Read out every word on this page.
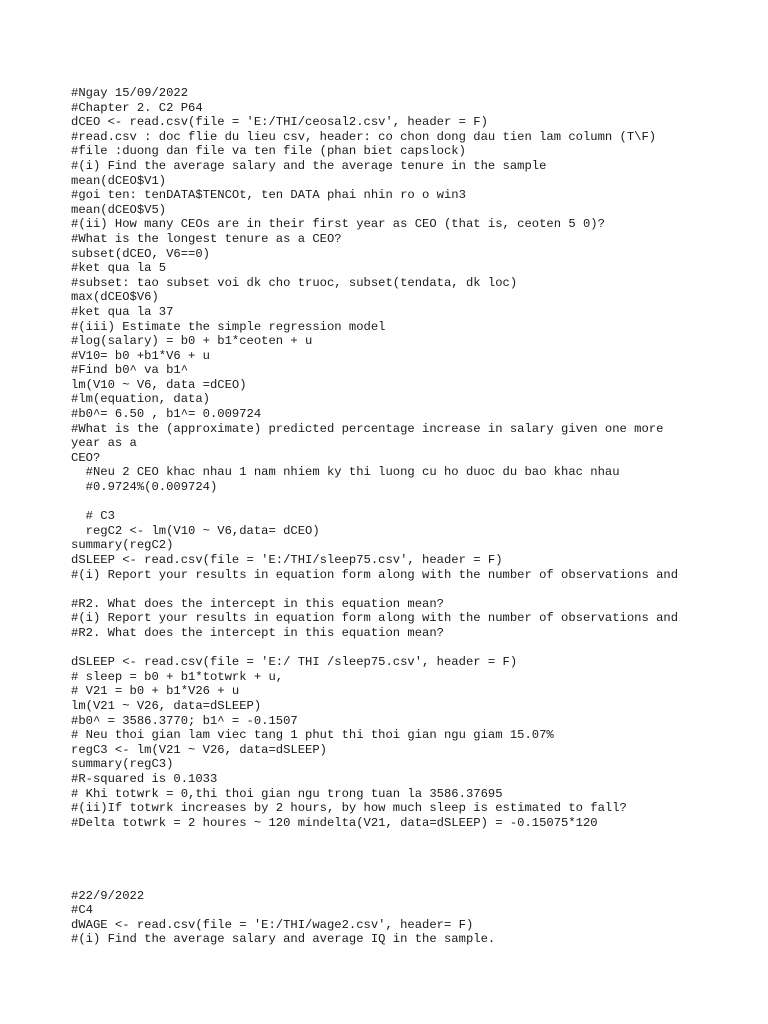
#Ngay 15/09/2022
#Chapter 2. C2 P64
dCEO <- read.csv(file = 'E:/THI/ceosal2.csv', header = F)
#read.csv : doc flie du lieu csv, header: co chon dong dau tien lam column (T\F)
#file :duong dan file va ten file (phan biet capslock)
#(i) Find the average salary and the average tenure in the sample
mean(dCEO$V1)
#goi ten: tenDATA$TENCOt, ten DATA phai nhin ro o win3
mean(dCEO$V5)
#(ii) How many CEOs are in their first year as CEO (that is, ceoten 5 0)?
#What is the longest tenure as a CEO?
subset(dCEO, V6==0)
#ket qua la 5
#subset: tao subset voi dk cho truoc, subset(tendata, dk loc)
max(dCEO$V6)
#ket qua la 37
#(iii) Estimate the simple regression model
#log(salary) = b0 + b1*ceoten + u
#V10= b0 +b1*V6 + u
#Find b0^ va b1^
lm(V10 ~ V6, data =dCEO)
#lm(equation, data)
#b0^= 6.50 , b1^= 0.009724
#What is the (approximate) predicted percentage increase in salary given one more
year as a
CEO?
#Neu 2 CEO khac nhau 1 nam nhiem ky thi luong cu ho duoc du bao khac nhau
#0.9724%(0.009724)
# C3
regC2 <- lm(V10 ~ V6,data= dCEO)
summary(regC2)
dSLEEP <- read.csv(file = 'E:/THI/sleep75.csv', header = F)
#(i) Report your results in equation form along with the number of observations and
#R2. What does the intercept in this equation mean?
#(i) Report your results in equation form along with the number of observations and
#R2. What does the intercept in this equation mean?
dSLEEP <- read.csv(file = 'E:/ THI /sleep75.csv', header = F)
# sleep = b0 + b1*totwrk + u,
# V21 = b0 + b1*V26 + u
lm(V21 ~ V26, data=dSLEEP)
#b0^ = 3586.3770; b1^ = -0.1507
# Neu thoi gian lam viec tang 1 phut thi thoi gian ngu giam 15.07%
regC3 <- lm(V21 ~ V26, data=dSLEEP)
summary(regC3)
#R-squared is 0.1033
# Khi totwrk = 0,thi thoi gian ngu trong tuan la 3586.37695
#(ii)If totwrk increases by 2 hours, by how much sleep is estimated to fall?
#Delta totwrk = 2 houres ~ 120 mindelta(V21, data=dSLEEP) = -0.15075*120
#22/9/2022
#C4
dWAGE <- read.csv(file = 'E:/THI/wage2.csv', header= F)
#(i) Find the average salary and average IQ in the sample.
